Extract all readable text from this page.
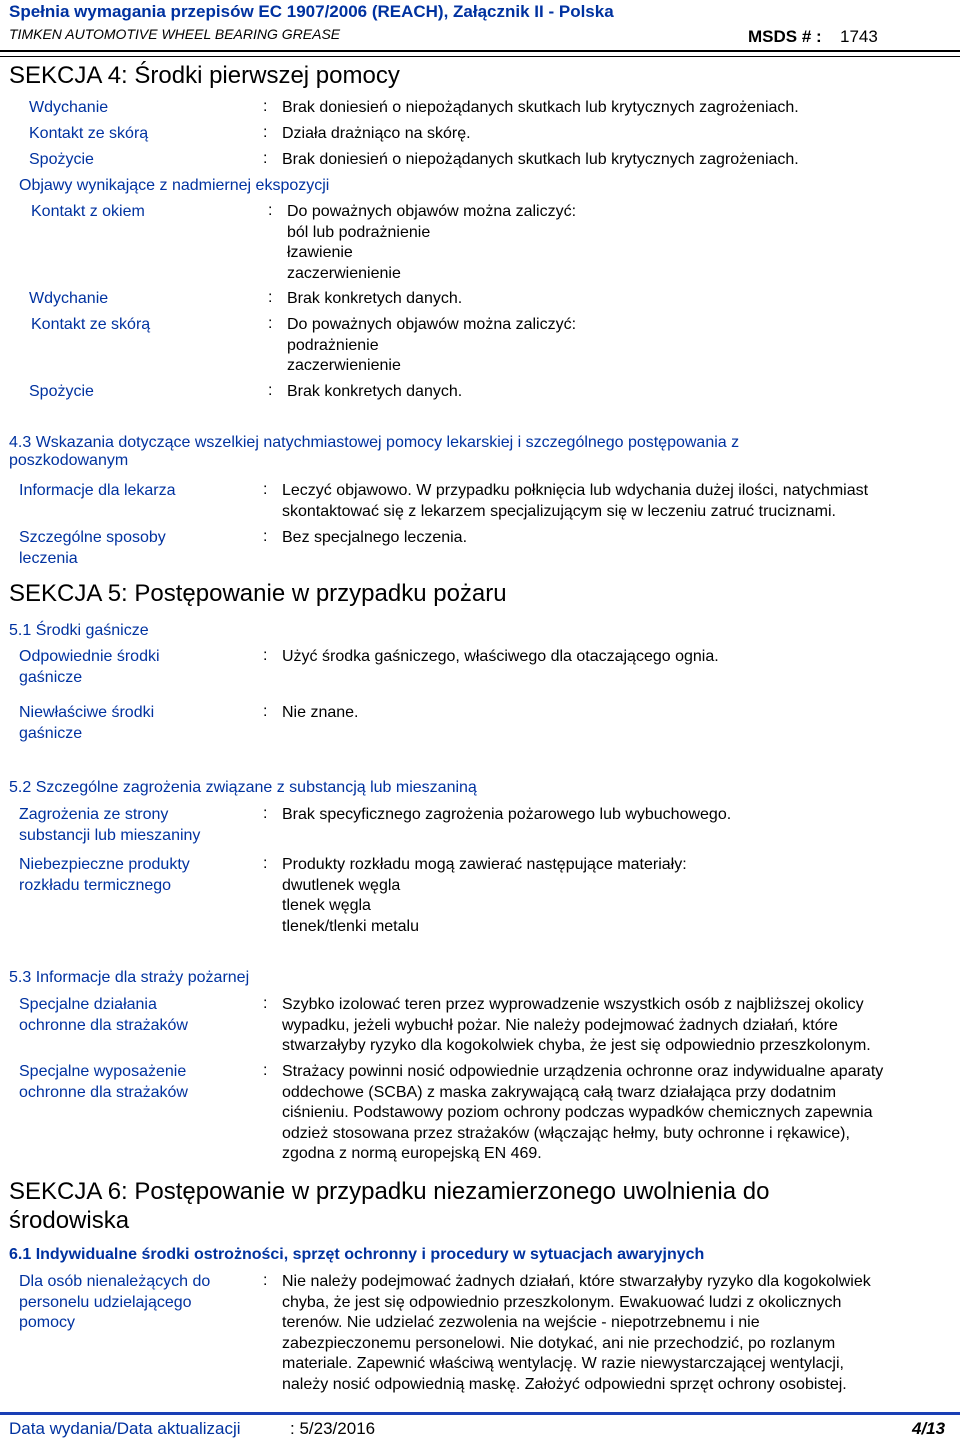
Spełnia wymagania przepisów EC 1907/2006 (REACH), Załącznik II - Polska
TIMKEN AUTOMOTIVE WHEEL BEARING GREASE	MSDS # : 1743
SEKCJA 4: Środki pierwszej pomocy
Wdychanie	: Brak doniesień o niepożądanych skutkach lub krytycznych zagrożeniach.
Kontakt ze skórą	: Działa drażniąco na skórę.
Spożycie	: Brak doniesień o niepożądanych skutkach lub krytycznych zagrożeniach.
Objawy wynikające z nadmiernej ekspozycji
Kontakt z okiem	: Do poważnych objawów można zaliczyć:
ból lub podrażnienie
łzawienie
zaczerwienienie
Wdychanie	: Brak konkretych danych.
Kontakt ze skórą	: Do poważnych objawów można zaliczyć:
podrażnienie
zaczerwienienie
Spożycie	: Brak konkretych danych.
4.3 Wskazania dotyczące wszelkiej natychmiastowej pomocy lekarskiej i szczególnego postępowania z
poszkodowanym
Informacje dla lekarza	: Leczyć objawowo. W przypadku połknięcia lub wdychania dużej ilości, natychmiast
skontaktować się z lekarzem specjalizującym się w leczeniu zatruć truciznami.
Szczególne sposoby
leczenia
: Bez specjalnego leczenia.
SEKCJA 5: Postępowanie w przypadku pożaru
5.1 Środki gaśnicze
Odpowiednie środki
gaśnicze
: Użyć środka gaśniczego, właściwego dla otaczającego ognia.
Niewłaściwe środki
gaśnicze
: Nie znane.
5.2 Szczególne zagrożenia związane z substancją lub mieszaniną
Zagrożenia ze strony
substancji lub mieszaniny
: Brak specyficznego zagrożenia pożarowego lub wybuchowego.
Niebezpieczne produkty
rozkładu termicznego
: Produkty rozkładu mogą zawierać następujące materiały:
dwutlenek węgla
tlenek węgla
tlenek/tlenki metalu
5.3 Informacje dla straży pożarnej
Specjalne działania
ochronne dla strażaków
: Szybko izolować teren przez wyprowadzenie wszystkich osób z najbliższej okolicy
wypadku, jeżeli wybuchł pożar. Nie należy podejmować żadnych działań, które
stwarzałyby ryzyko dla kogokolwiek chyba, że jest się odpowiednio przeszkolonym.
Specjalne wyposażenie
ochronne dla strażaków
: Strażacy powinni nosić odpowiednie urządzenia ochronne oraz indywidualne aparaty
oddechowe (SCBA) z maska zakrywającą całą twarz działająca przy dodatnim
ciśnieniu. Podstawowy poziom ochrony podczas wypadków chemicznych zapewnia
odzież stosowana przez strażaków (włączając hełmy, buty ochronne i rękawice),
zgodna z normą europejską EN 469.
SEKCJA 6: Postępowanie w przypadku niezamierzonego uwolnienia do
środowiska
6.1 Indywidualne środki ostrożności, sprzęt ochronny i procedury w sytuacjach awaryjnych
Dla osób nienależących do
personelu udzielającego
pomocy
: Nie należy podejmować żadnych działań, które stwarzałyby ryzyko dla kogokolwiek
chyba, że jest się odpowiednio przeszkolonym. Ewakuować ludzi z okolicznych
terenów. Nie udzielać zezwolenia na wejście - niepotrzebnemu i nie
zabezpieczonemu personelowi. Nie dotykać, ani nie przechodzić, po rozlanym
materiale. Zapewnić właściwą wentylację. W razie niewystarczającej wentylacji,
należy nosić odpowiednią maskę. Założyć odpowiedni sprzęt ochrony osobistej.
Data wydania/Data aktualizacji	: 5/23/2016	4/13
